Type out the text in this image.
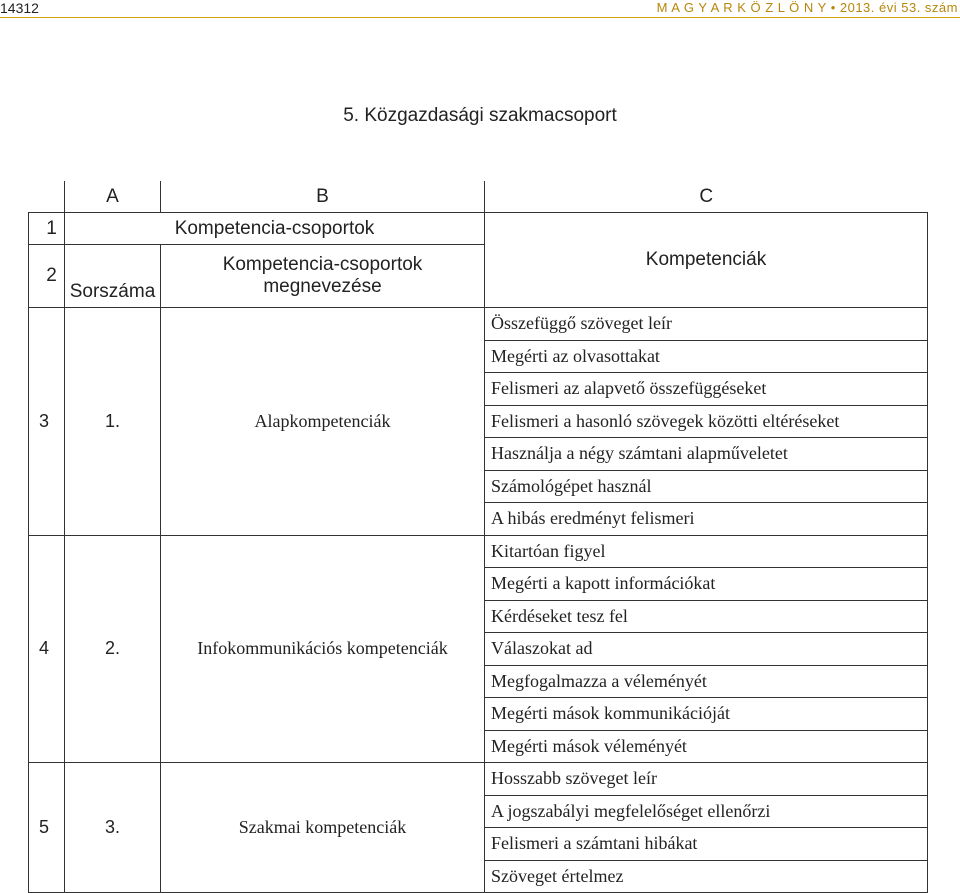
14312	M A G Y A R K Ö Z L Ö N Y • 2013. évi 53. szám
5. Közgazdasági szakmacsoport
	A	B	C
1	Kompetencia-csoportok		Kompetenciák
2	Sorszáma	Kompetencia-csoportok megnevezése	
3	1.	Alapkompetenciák	Összefüggő szöveget leír
			Megérti az olvasottakat
			Felismeri az alapvető összefüggéseket
			Felismeri a hasonló szövegek közötti eltéréseket
			Használja a négy számtani alapműveletet
			Számológépet használ
			A hibás eredményt felismeri
4	2.	Infokommunikációs kompetenciák	Kitartóan figyel
			Megérti a kapott információkat
			Kérdéseket tesz fel
			Válaszokat ad
			Megfogalmazza a véleményét
			Megérti mások kommunikációját
			Megérti mások véleményét
5	3.	Szakmai kompetenciák	Hosszabb szöveget leír
			A jogszabályi megfelelőséget ellenőrzi
			Felismeri a számtani hibákat
			Szöveget értelmez
